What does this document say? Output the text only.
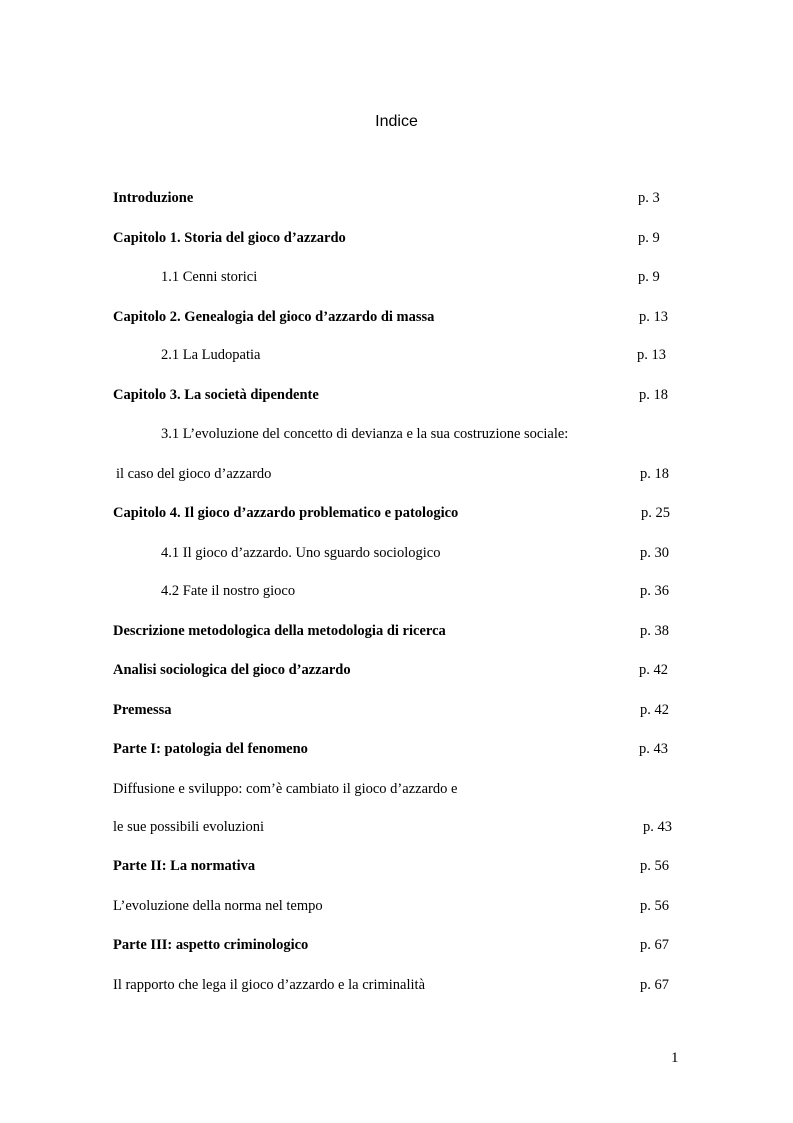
Indice
Introduzione	p. 3
Capitolo 1. Storia del gioco d’azzardo	p. 9
1.1 Cenni storici	p. 9
Capitolo 2. Genealogia del gioco d’azzardo di massa	p. 13
2.1 La Ludopatia	p. 13
Capitolo 3. La società dipendente	p. 18
3.1 L’evoluzione del concetto di devianza e la sua costruzione sociale:
il caso del gioco d’azzardo	p. 18
Capitolo 4. Il gioco d’azzardo problematico e patologico	p. 25
4.1 Il gioco d’azzardo. Uno sguardo sociologico	p. 30
4.2 Fate il nostro gioco	p. 36
Descrizione metodologica della metodologia di ricerca	p. 38
Analisi sociologica del gioco d’azzardo	p. 42
Premessa	p. 42
Parte I: patologia del fenomeno	p. 43
Diffusione e sviluppo: com’è cambiato il gioco d’azzardo e
le sue possibili evoluzioni	p. 43
Parte II: La normativa	p. 56
L’evoluzione della norma nel tempo	p. 56
Parte III: aspetto criminologico	p. 67
Il rapporto che lega il gioco d’azzardo e la criminalità	p. 67
1
